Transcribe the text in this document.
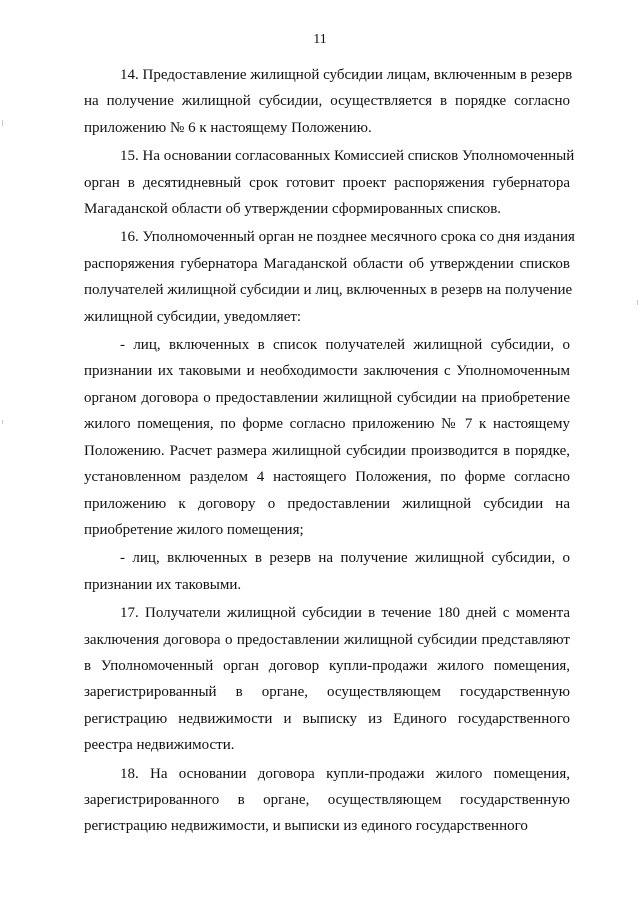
11
14. Предоставление жилищной субсидии лицам, включенным в резерв
на получение жилищной субсидии, осуществляется в порядке согласно
приложению № 6 к настоящему Положению.
15. На основании согласованных Комиссией списков Уполномоченный
орган в десятидневный срок готовит проект распоряжения губернатора
Магаданской области об утверждении сформированных списков.
16. Уполномоченный орган не позднее месячного срока со дня издания
распоряжения губернатора Магаданской области об утверждении списков
получателей жилищной субсидии и лиц, включенных в резерв на получение
жилищной субсидии, уведомляет:
- лиц, включенных в список получателей жилищной субсидии, о
признании их таковыми и необходимости заключения с Уполномоченным
органом договора о предоставлении жилищной субсидии на приобретение
жилого помещения, по форме согласно приложению № 7 к настоящему
Положению. Расчет размера жилищной субсидии производится в порядке,
установленном разделом 4 настоящего Положения, по форме согласно
приложению к договору о предоставлении жилищной субсидии на
приобретение жилого помещения;
- лиц, включенных в резерв на получение жилищной субсидии, о
признании их таковыми.
17. Получатели жилищной субсидии в течение 180 дней с момента
заключения договора о предоставлении жилищной субсидии представляют
в Уполномоченный орган договор купли-продажи жилого помещения,
зарегистрированный в органе, осуществляющем государственную
регистрацию недвижимости и выписку из Единого государственного
реестра недвижимости.
18. На основании договора купли-продажи жилого помещения,
зарегистрированного в органе, осуществляющем государственную
регистрацию недвижимости, и выписки из единого государственного
